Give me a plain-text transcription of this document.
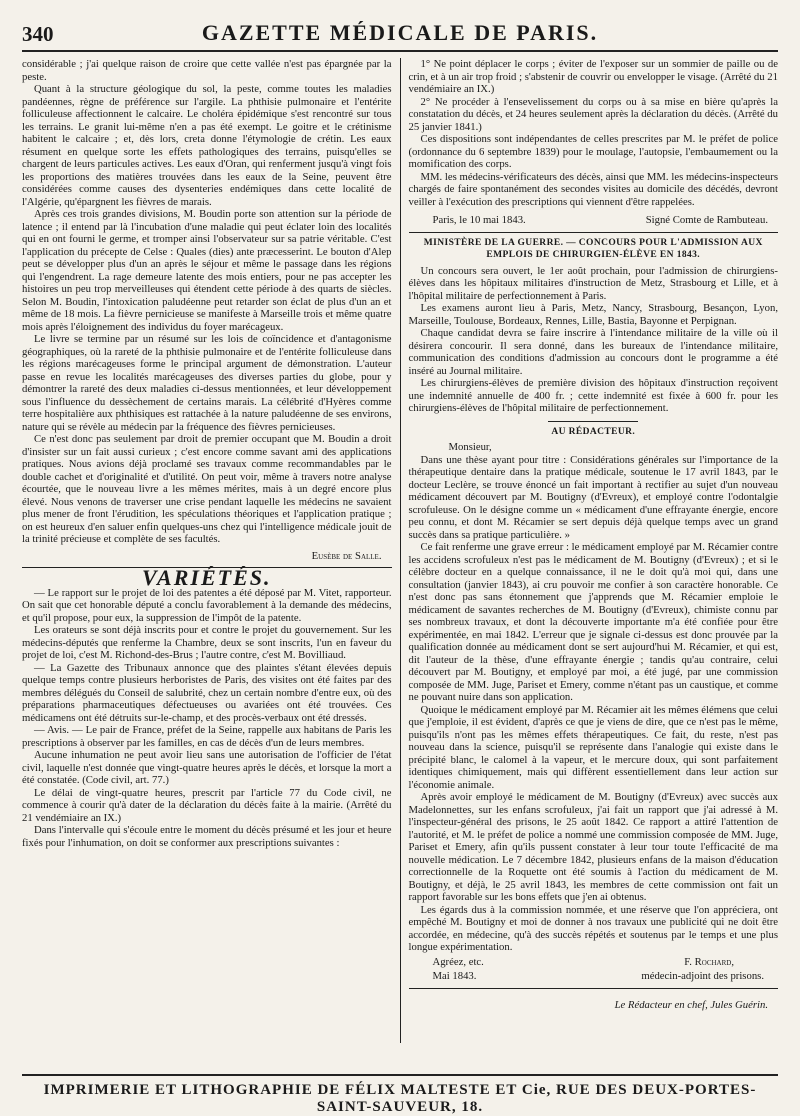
340	GAZETTE MÉDICALE DE PARIS.

considérable ; j'ai quelque raison de croire que cette vallée n'est pas épargnée par la peste.

Quant à la structure géologique du sol, la peste, comme toutes les maladies pandéennes, règne de préférence sur l'argile. La phthisie pulmonaire et l'entérite folliculeuse affectionnent le calcaire. Le choléra épidémique s'est rencontré sur tous les terrains. Le granit lui-même n'en a pas été exempt. Le goitre et le crétinisme habitent le calcaire ; et, dès lors, creta donne l'étymologie de crétin. Les eaux résument en quelque sorte les effets pathologiques des terrains, puisqu'elles se chargent de leurs particules actives. Les eaux d'Oran, qui renferment jusqu'à vingt fois les proportions des matières trouvées dans les eaux de la Seine, peuvent être considérées comme causes des dysenteries endémiques dans cette localité de l'Algérie, qu'épargnent les fièvres de marais.

Après ces trois grandes divisions, M. Boudin porte son attention sur la période de latence ; il entend par là l'incubation d'une maladie qui peut éclater loin des localités qui en ont fourni le germe, et tromper ainsi l'observateur sur sa patrie véritable. C'est l'application du précepte de Celse : Quales (dies) ante præcesserint. Le bouton d'Alep peut se développer plus d'un an après le séjour et même le passage dans les régions qui l'engendrent. La rage demeure latente des mois entiers, pour ne pas accepter les histoires un peu trop merveilleuses qui étendent cette période à des quarts de siècles. Selon M. Boudin, l'intoxication paludéenne peut retarder son éclat de plus d'un an et même de 18 mois. La fièvre pernicieuse se manifeste à Marseille trois et même quatre mois après l'éloignement des individus du foyer marécageux.

Le livre se termine par un résumé sur les lois de coïncidence et d'antagonisme géographiques, où la rareté de la phthisie pulmonaire et de l'entérite folliculeuse dans les régions marécageuses forme le principal argument de démonstration. L'auteur passe en revue les localités marécageuses des diverses parties du globe, pour y démontrer la rareté des deux maladies ci-dessus mentionnées, et leur développement sous l'influence du dessèchement de certains marais. La célébrité d'Hyères comme terre hospitalière aux phthisiques est rattachée à la nature paludéenne de ses environs, nature qui se révèle au médecin par la fréquence des fièvres pernicieuses.

Ce n'est donc pas seulement par droit de premier occupant que M. Boudin a droit d'insister sur un fait aussi curieux ; c'est encore comme savant ami des applications pratiques. Nous avions déjà proclamé ses travaux comme recommandables par le double cachet et d'originalité et d'utilité. On peut voir, même à travers notre analyse écourtée, que le nouveau livre a les mêmes mérites, mais à un degré encore plus élevé. Nous venons de traverser une crise pendant laquelle les médecins ne savaient plus mener de front l'érudition, les spéculations théoriques et l'application pratique ; on est heureux d'en saluer enfin quelques-uns chez qui l'intelligence médicale jouit de la trinité précieuse et complète de ses facultés.

Eusèbe de Salle.
VARIÉTÉS.

— Le rapport sur le projet de loi des patentes a été déposé par M. Vitet, rapporteur. On sait que cet honorable député a conclu favorablement à la demande des médecins, et qu'il propose, pour eux, la suppression de l'impôt de la patente.

Les orateurs se sont déjà inscrits pour et contre le projet du gouvernement. Sur les médecins-députés que renferme la Chambre, deux se sont inscrits, l'un en faveur du projet de loi, c'est M. Richond-des-Brus ; l'autre contre, c'est M. Bovilliaud.

— La Gazette des Tribunaux annonce que des plaintes s'étant élevées depuis quelque temps contre plusieurs herboristes de Paris, des visites ont été faites par des membres délégués du Conseil de salubrité, chez un certain nombre d'entre eux, où des préparations pharmaceutiques défectueuses ou avariées ont été trouvées. Ces médicamens ont été détruits sur-le-champ, et des procès-verbaux ont été dressés.

— Avis. — Le pair de France, préfet de la Seine, rappelle aux habitans de Paris les prescriptions à observer par les familles, en cas de décès d'un de leurs membres.

Aucune inhumation ne peut avoir lieu sans une autorisation de l'officier de l'état civil, laquelle n'est donnée que vingt-quatre heures après le décès, et lorsque la mort a été constatée. (Code civil, art. 77.)

Le délai de vingt-quatre heures, prescrit par l'article 77 du Code civil, ne commence à courir qu'à dater de la déclaration du décès faite à la mairie. (Arrêté du 21 vendémiaire an IX.)

Dans l'intervalle qui s'écoule entre le moment du décès présumé et les jour et heure fixés pour l'inhumation, on doit se conformer aux prescriptions suivantes :

1° Ne point déplacer le corps ; éviter de l'exposer sur un sommier de paille ou de crin, et à un air trop froid ; s'abstenir de couvrir ou envelopper le visage. (Arrêté du 21 vendémiaire an IX.)

2° Ne procéder à l'ensevelissement du corps ou à sa mise en bière qu'après la constatation du décès, et 24 heures seulement après la déclaration du décès. (Arrêté du 25 janvier 1841.)

Ces dispositions sont indépendantes de celles prescrites par M. le préfet de police (ordonnance du 6 septembre 1839) pour le moulage, l'autopsie, l'embaumement ou la momification des corps.

MM. les médecins-vérificateurs des décès, ainsi que MM. les médecins-inspecteurs chargés de faire spontanément des secondes visites au domicile des décédés, devront veiller à l'exécution des prescriptions qui viennent d'être rappelées.

Paris, le 10 mai 1843.	Signé Comte de Rambuteau.
MINISTÈRE DE LA GUERRE. — CONCOURS POUR L'ADMISSION AUX EMPLOIS DE CHIRURGIEN-ÉLÈVE EN 1843.

Un concours sera ouvert, le 1er août prochain, pour l'admission de chirurgiens-élèves dans les hôpitaux militaires d'instruction de Metz, Strasbourg et Lille, et à l'hôpital militaire de perfectionnement à Paris.

Les examens auront lieu à Paris, Metz, Nancy, Strasbourg, Besançon, Lyon, Marseille, Toulouse, Bordeaux, Rennes, Lille, Bastia, Bayonne et Perpignan.

Chaque candidat devra se faire inscrire à l'intendance militaire de la ville où il désirera concourir. Il sera donné, dans les bureaux de l'intendance militaire, communication des conditions d'admission au concours dont le programme a été inséré au Journal militaire.

Les chirurgiens-élèves de première division des hôpitaux d'instruction reçoivent une indemnité annuelle de 400 fr. ; cette indemnité est fixée à 600 fr. pour les chirurgiens-élèves de l'hôpital militaire de perfectionnement.

AU RÉDACTEUR.

Monsieur,

Dans une thèse ayant pour titre : Considérations générales sur l'importance de la thérapeutique dentaire dans la pratique médicale, soutenue le 17 avril 1843, par le docteur Leclère, se trouve énoncé un fait important à rectifier au sujet d'un nouveau médicament découvert par M. Boutigny (d'Evreux), et employé contre l'odontalgie scrofuleuse. On le désigne comme un « médicament d'une effrayante énergie, encore peu connu, et dont M. Récamier se sert depuis déjà quelque temps avec un grand succès dans sa pratique particulière. »

Ce fait renferme une grave erreur : le médicament employé par M. Récamier contre les accidens scrofuleux n'est pas le médicament de M. Boutigny (d'Evreux) ; et si le célèbre docteur en a quelque connaissance, il ne le doit qu'à moi qui, dans une consultation (janvier 1843), ai cru pouvoir me confier à son caractère honorable. Ce n'est donc pas sans étonnement que j'apprends que M. Récamier emploie le médicament de savantes recherches de M. Boutigny (d'Evreux), chimiste connu par ses nombreux travaux, et dont la découverte importante m'a été confiée pour être expérimentée, en mai 1842. L'erreur que je signale ci-dessus est donc prouvée par la qualification donnée au médicament dont se sert aujourd'hui M. Récamier, et qui est, dit l'auteur de la thèse, d'une effrayante énergie ; tandis qu'au contraire, celui découvert par M. Boutigny, et employé par moi, a été jugé, par une commission composée de MM. Juge, Pariset et Emery, comme n'étant pas un caustique, et comme ne pouvant nuire dans son application.

Quoique le médicament employé par M. Récamier ait les mêmes élémens que celui que j'emploie, il est évident, d'après ce que je viens de dire, que ce n'est pas le même, puisqu'ils n'ont pas les mêmes effets thérapeutiques. Ce fait, du reste, n'est pas nouveau dans la science, puisqu'il se représente dans l'analogie qui existe dans le précipité blanc, le calomel à la vapeur, et le mercure doux, qui sont parfaitement identiques chimiquement, mais qui diffèrent essentiellement dans leur action sur l'économie animale.

Après avoir employé le médicament de M. Boutigny (d'Evreux) avec succès aux Madelonnettes, sur les enfans scrofuleux, j'ai fait un rapport que j'ai adressé à M. l'inspecteur-général des prisons, le 25 août 1842. Ce rapport a attiré l'attention de l'autorité, et M. le préfet de police a nommé une commission composée de MM. Juge, Pariset et Emery, afin qu'ils pussent constater à leur tour toute l'efficacité de ma nouvelle médication. Le 7 décembre 1842, plusieurs enfans de la maison d'éducation correctionnelle de la Roquette ont été soumis à l'action du médicament de M. Boutigny, et déjà, le 25 avril 1843, les membres de cette commission ont fait un rapport favorable sur les bons effets que j'en ai obtenus.

Les égards dus à la commission nommée, et une réserve que l'on appréciera, ont empêché M. Boutigny et moi de donner à nos travaux une publicité qui ne doit être accordée, en médecine, qu'à des succès répétés et soutenus par le temps et une plus longue expérimentation.

Agréez, etc.	F. Rochard,
Mai 1843.	médecin-adjoint des prisons.
Le Rédacteur en chef, Jules Guérin.
IMPRIMERIE ET LITHOGRAPHIE DE FÉLIX MALTESTE ET Cie, RUE DES DEUX-PORTES-SAINT-SAUVEUR, 18.
